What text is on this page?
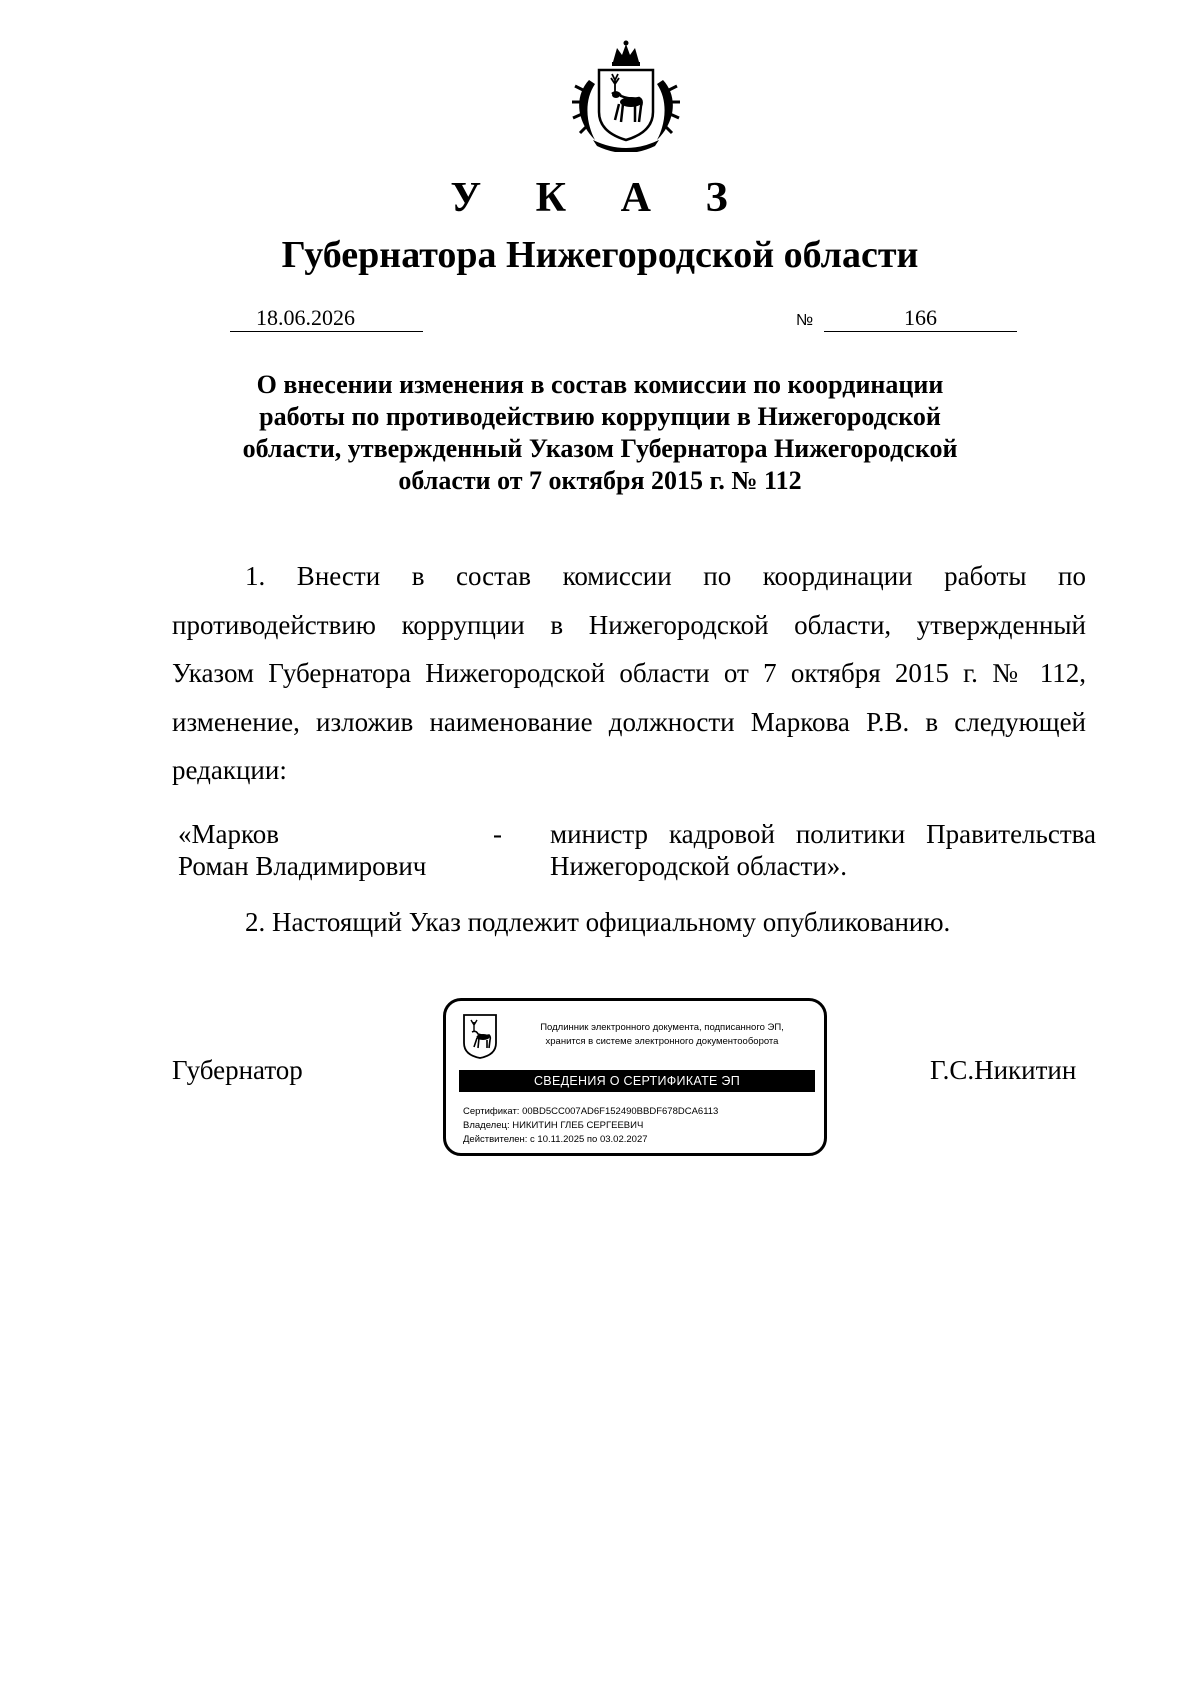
У К А З
Губернатора Нижегородской области
18.06.2026	№	166
О внесении изменения в состав комиссии по координации
работы по противодействию коррупции в Нижегородской
области, утвержденный Указом Губернатора Нижегородской
области от 7 октября 2015 г. № 112
1. Внести в состав комиссии по координации работы по
противодействию коррупции в Нижегородской области, утвержденный
Указом Губернатора Нижегородской области от 7 октября 2015 г. № 112,
изменение, изложив наименование должности Маркова Р.В. в следующей
редакции:
«Марков
Роман Владимирович
- министр кадровой политики Правительства
Нижегородской области».
2. Настоящий Указ подлежит официальному опубликованию.
Губернатор	Г.С.Никитин
Подлинник электронного документа, подписанного ЭП,
хранится в системе электронного документооборота
СВЕДЕНИЯ О СЕРТИФИКАТЕ ЭП
Сертификат: 00BD5CC007AD6F152490BBDF678DCA6113
Владелец: НИКИТИН ГЛЕБ СЕРГЕЕВИЧ
Действителен: с 10.11.2025 по 03.02.2027
